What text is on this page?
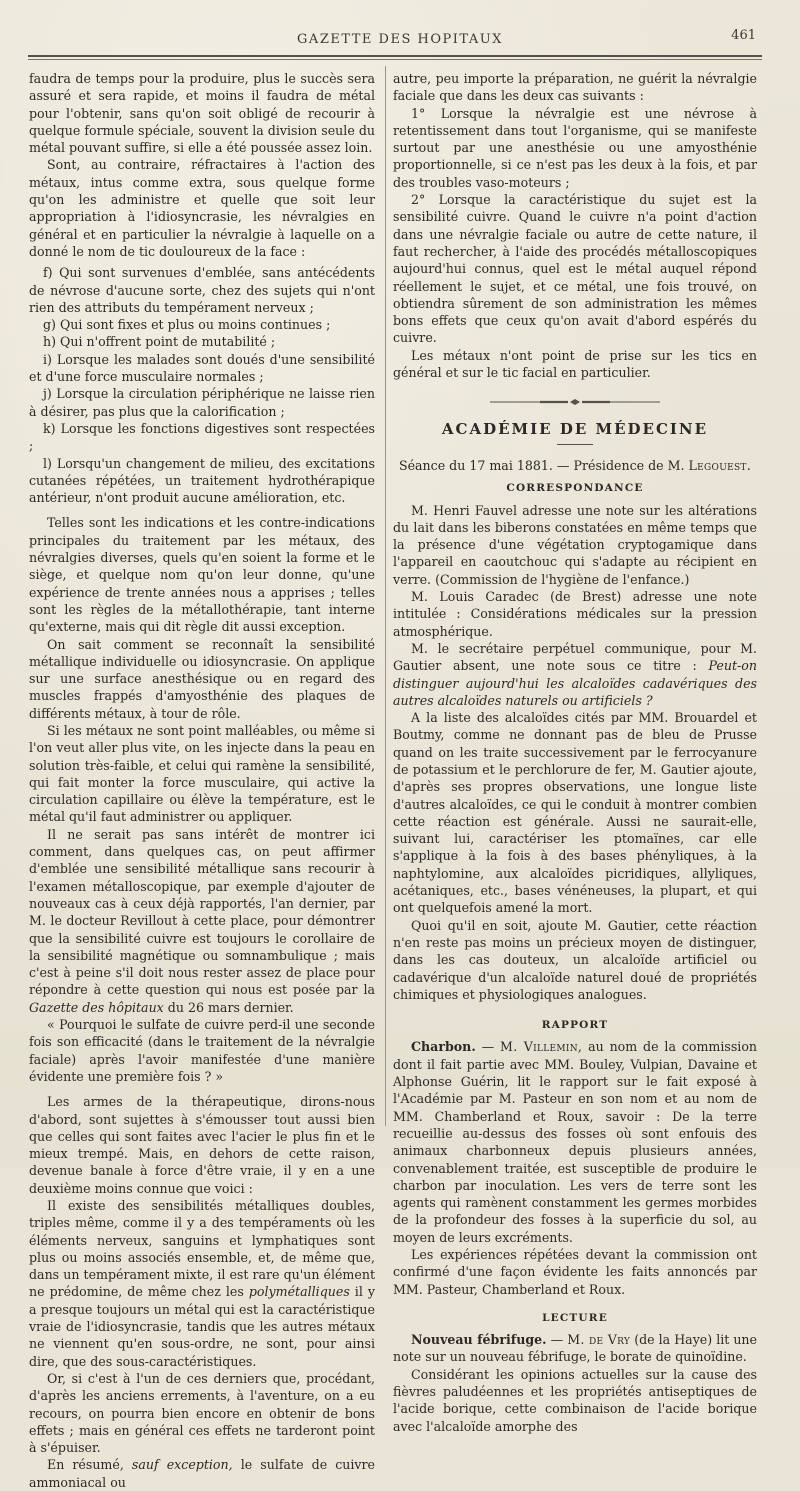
GAZETTE DES HOPITAUX	461

faudra de temps pour la produire, plus le succès sera assuré et sera rapide, et moins il faudra de métal pour l'obtenir, sans qu'on soit obligé de recourir à quelque formule spéciale, souvent la division seule du métal pouvant suffire, si elle a été poussée assez loin.

Sont, au contraire, réfractaires à l'action des métaux, intus comme extra, sous quelque forme qu'on les administre et quelle que soit leur appropriation à l'idiosyncrasie, les névralgies en général et en particulier la névralgie à laquelle on a donné le nom de tic douloureux de la face :

f) Qui sont survenues d'emblée, sans antécédents de névrose d'aucune sorte, chez des sujets qui n'ont rien des attributs du tempérament nerveux ;

g) Qui sont fixes et plus ou moins continues ;

h) Qui n'offrent point de mutabilité ;

i) Lorsque les malades sont doués d'une sensibilité et d'une force musculaire normales ;

j) Lorsque la circulation périphérique ne laisse rien à désirer, pas plus que la calorification ;

k) Lorsque les fonctions digestives sont respectées ;

l) Lorsqu'un changement de milieu, des excitations cutanées répétées, un traitement hydrothérapique antérieur, n'ont produit aucune amélioration, etc.

Telles sont les indications et les contre-indications principales du traitement par les métaux, des névralgies diverses, quels qu'en soient la forme et le siège, et quelque nom qu'on leur donne, qu'une expérience de trente années nous a apprises ; telles sont les règles de la métallothérapie, tant interne qu'externe, mais qui dit règle dit aussi exception.

On sait comment se reconnaît la sensibilité métallique individuelle ou idiosyncrasie. On applique sur une surface anesthésique ou en regard des muscles frappés d'amyosthénie des plaques de différents métaux, à tour de rôle.

Si les métaux ne sont point malléables, ou même si l'on veut aller plus vite, on les injecte dans la peau en solution très-faible, et celui qui ramène la sensibilité, qui fait monter la force musculaire, qui active la circulation capillaire ou élève la température, est le métal qu'il faut administrer ou appliquer.

Il ne serait pas sans intérêt de montrer ici comment, dans quelques cas, on peut affirmer d'emblée une sensibilité métallique sans recourir à l'examen métalloscopique, par exemple d'ajouter de nouveaux cas à ceux déjà rapportés, l'an dernier, par M. le docteur Revillout à cette place, pour démontrer que la sensibilité cuivre est toujours le corollaire de la sensibilité magnétique ou somnambulique ; mais c'est à peine s'il doit nous rester assez de place pour répondre à cette question qui nous est posée par la Gazette des hôpitaux du 26 mars dernier.

« Pourquoi le sulfate de cuivre perd-il une seconde fois son efficacité (dans le traitement de la névralgie faciale) après l'avoir manifestée d'une manière évidente une première fois ? »

Les armes de la thérapeutique, dirons-nous d'abord, sont sujettes à s'émousser tout aussi bien que celles qui sont faites avec l'acier le plus fin et le mieux trempé. Mais, en dehors de cette raison, devenue banale à force d'être vraie, il y en a une deuxième moins connue que voici :

Il existe des sensibilités métalliques doubles, triples même, comme il y a des tempéraments où les éléments nerveux, sanguins et lymphatiques sont plus ou moins associés ensemble, et, de même que, dans un tempérament mixte, il est rare qu'un élément ne prédomine, de même chez les polymétalliques il y a presque toujours un métal qui est la caractéristique vraie de l'idiosyncrasie, tandis que les autres métaux ne viennent qu'en sous-ordre, ne sont, pour ainsi dire, que des sous-caractéristiques.

Or, si c'est à l'un de ces derniers que, procédant, d'après les anciens errements, à l'aventure, on a eu recours, on pourra bien encore en obtenir de bons effets ; mais en général ces effets ne tarderont point à s'épuiser.

En résumé, sauf exception, le sulfate de cuivre ammoniacal ou

autre, peu importe la préparation, ne guérit la névralgie faciale que dans les deux cas suivants :

1° Lorsque la névralgie est une névrose à retentissement dans tout l'organisme, qui se manifeste surtout par une anesthésie ou une amyosthénie proportionnelle, si ce n'est pas les deux à la fois, et par des troubles vaso-moteurs ;

2° Lorsque la caractéristique du sujet est la sensibilité cuivre. Quand le cuivre n'a point d'action dans une névralgie faciale ou autre de cette nature, il faut rechercher, à l'aide des procédés métalloscopiques aujourd'hui connus, quel est le métal auquel répond réellement le sujet, et ce métal, une fois trouvé, on obtiendra sûrement de son administration les mêmes bons effets que ceux qu'on avait d'abord espérés du cuivre.

Les métaux n'ont point de prise sur les tics en général et sur le tic facial en particulier.

ACADÉMIE DE MÉDECINE

Séance du 17 mai 1881. — Présidence de M. Legouest.

CORRESPONDANCE

M. Henri Fauvel adresse une note sur les altérations du lait dans les biberons constatées en même temps que la présence d'une végétation cryptogamique dans l'appareil en caoutchouc qui s'adapte au récipient en verre. (Commission de l'hygiène de l'enfance.)

M. Louis Caradec (de Brest) adresse une note intitulée : Considérations médicales sur la pression atmosphérique.

M. le secrétaire perpétuel communique, pour M. Gautier absent, une note sous ce titre : Peut-on distinguer aujourd'hui les alcaloïdes cadavériques des autres alcaloïdes naturels ou artificiels ?

A la liste des alcaloïdes cités par MM. Brouardel et Boutmy, comme ne donnant pas de bleu de Prusse quand on les traite successivement par le ferrocyanure de potassium et le perchlorure de fer, M. Gautier ajoute, d'après ses propres observations, une longue liste d'autres alcaloïdes, ce qui le conduit à montrer combien cette réaction est générale. Aussi ne saurait-elle, suivant lui, caractériser les ptomaïnes, car elle s'applique à la fois à des bases phényliques, à la naphtylomine, aux alcaloïdes picridiques, allyliques, acétaniques, etc., bases vénéneuses, la plupart, et qui ont quelquefois amené la mort.

Quoi qu'il en soit, ajoute M. Gautier, cette réaction n'en reste pas moins un précieux moyen de distinguer, dans les cas douteux, un alcaloïde artificiel ou cadavérique d'un alcaloïde naturel doué de propriétés chimiques et physiologiques analogues.

RAPPORT

Charbon. — M. Villemin, au nom de la commission dont il fait partie avec MM. Bouley, Vulpian, Davaine et Alphonse Guérin, lit le rapport sur le fait exposé à l'Académie par M. Pasteur en son nom et au nom de MM. Chamberland et Roux, savoir : De la terre recueillie au-dessus des fosses où sont enfouis des animaux charbonneux depuis plusieurs années, convenablement traitée, est susceptible de produire le charbon par inoculation. Les vers de terre sont les agents qui ramènent constamment les germes morbides de la profondeur des fosses à la superficie du sol, au moyen de leurs excréments.

Les expériences répétées devant la commission ont confirmé d'une façon évidente les faits annoncés par MM. Pasteur, Chamberland et Roux.

LECTURE

Nouveau fébrifuge. — M. de Vry (de la Haye) lit une note sur un nouveau fébrifuge, le borate de quinoïdine.

Considérant les opinions actuelles sur la cause des fièvres paludéennes et les propriétés antiseptiques de l'acide borique, cette combinaison de l'acide borique avec l'alcaloïde amorphe des
